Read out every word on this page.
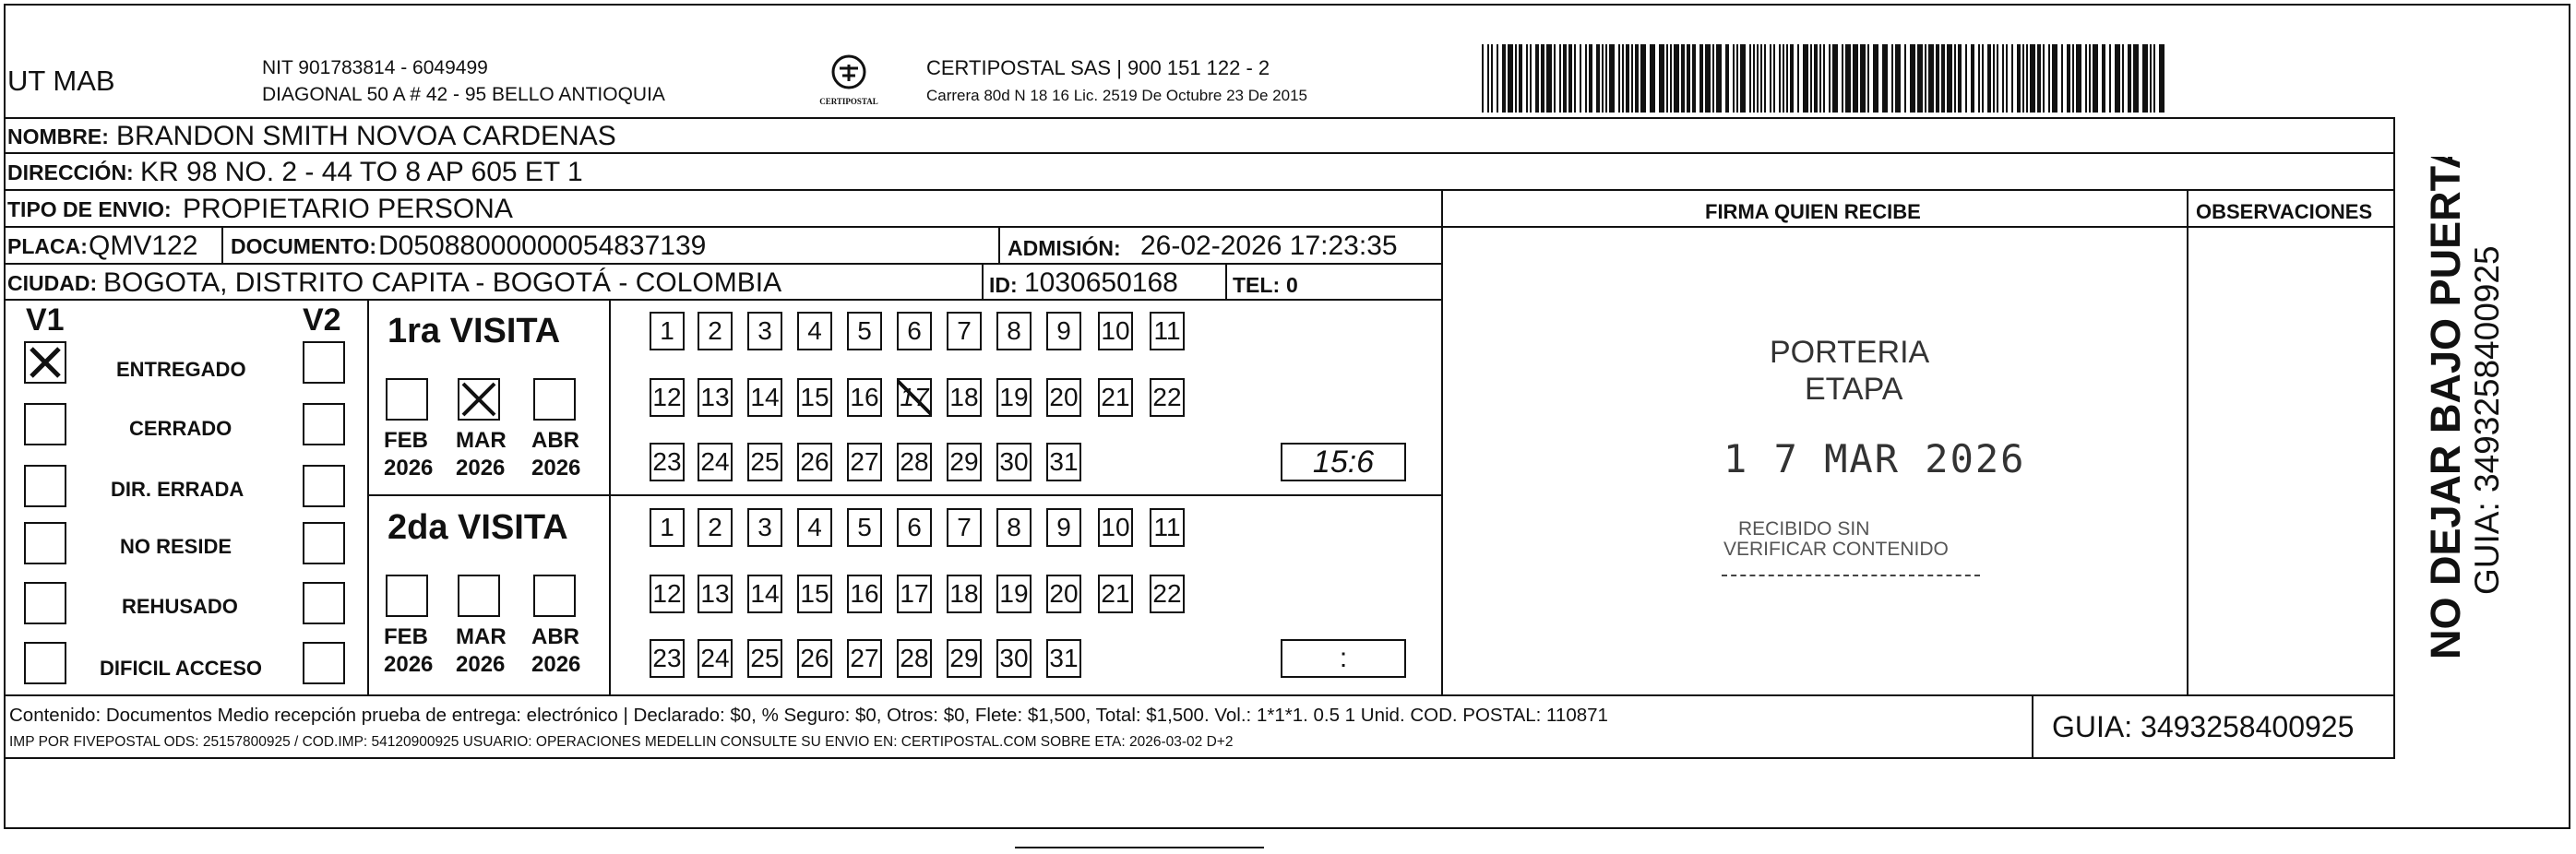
UT MAB	NIT 901783814 - 6049499
DIAGONAL 50 A # 42 - 95 BELLO ANTIOQUIA	CERTIPOSTAL
CERTIPOSTAL SAS | 900 151 122 - 2
Carrera 80d N 18 16 Lic. 2519 De Octubre 23 De 2015
NOMBRE: BRANDON SMITH NOVOA CARDENAS
DIRECCIÓN: KR 98 NO. 2 - 44 TO 8 AP 605 ET 1
TIPO DE ENVIO: PROPIETARIO PERSONA
PLACA: QMV122 DOCUMENTO: D05088000000054837139	ADMISIÓN: 26-02-2026 17:23:35
CIUDAD: BOGOTA, DISTRITO CAPITA - BOGOTÁ - COLOMBIA	ID: 1030650168	TEL: 0
FIRMA QUIEN RECIBE	OBSERVACIONES
PORTERIA
ETAPA
1 7 MAR 2026
RECIBIDO SIN
VERIFICAR CONTENIDO
V1	V2
ENTREGADO
CERRADO
DIR. ERRADA
NO RESIDE
REHUSADO
DIFICIL ACCESO
1ra VISITA
FEB
2026
MAR
2026
ABR
2026
1 2 3 4 5 6 7 8 9 10 11
12 13 14 15 16 17 18 19 20 21 22
23 24 25 26 27 28 29 30 31	15:6
2da VISITA
FEB
2026
MAR
2026
ABR
2026
1 2 3 4 5 6 7 8 9 10 11
12 13 14 15 16 17 18 19 20 21 22
23 24 25 26 27 28 29 30 31	:
Contenido: Documentos Medio recepción prueba de entrega: electrónico | Declarado: $0, % Seguro: $0, Otros: $0, Flete: $1,500, Total: $1,500. Vol.: 1*1*1. 0.5 1 Unid. COD. POSTAL: 110871
IMP POR FIVEPOSTAL ODS: 25157800925 / COD.IMP: 54120900925 USUARIO: OPERACIONES MEDELLIN CONSULTE SU ENVIO EN: CERTIPOSTAL.COM SOBRE ETA: 2026-03-02 D+2	GUIA: 3493258400925
NO DEJAR BAJO PUERTA GUIA: 3493258400925
